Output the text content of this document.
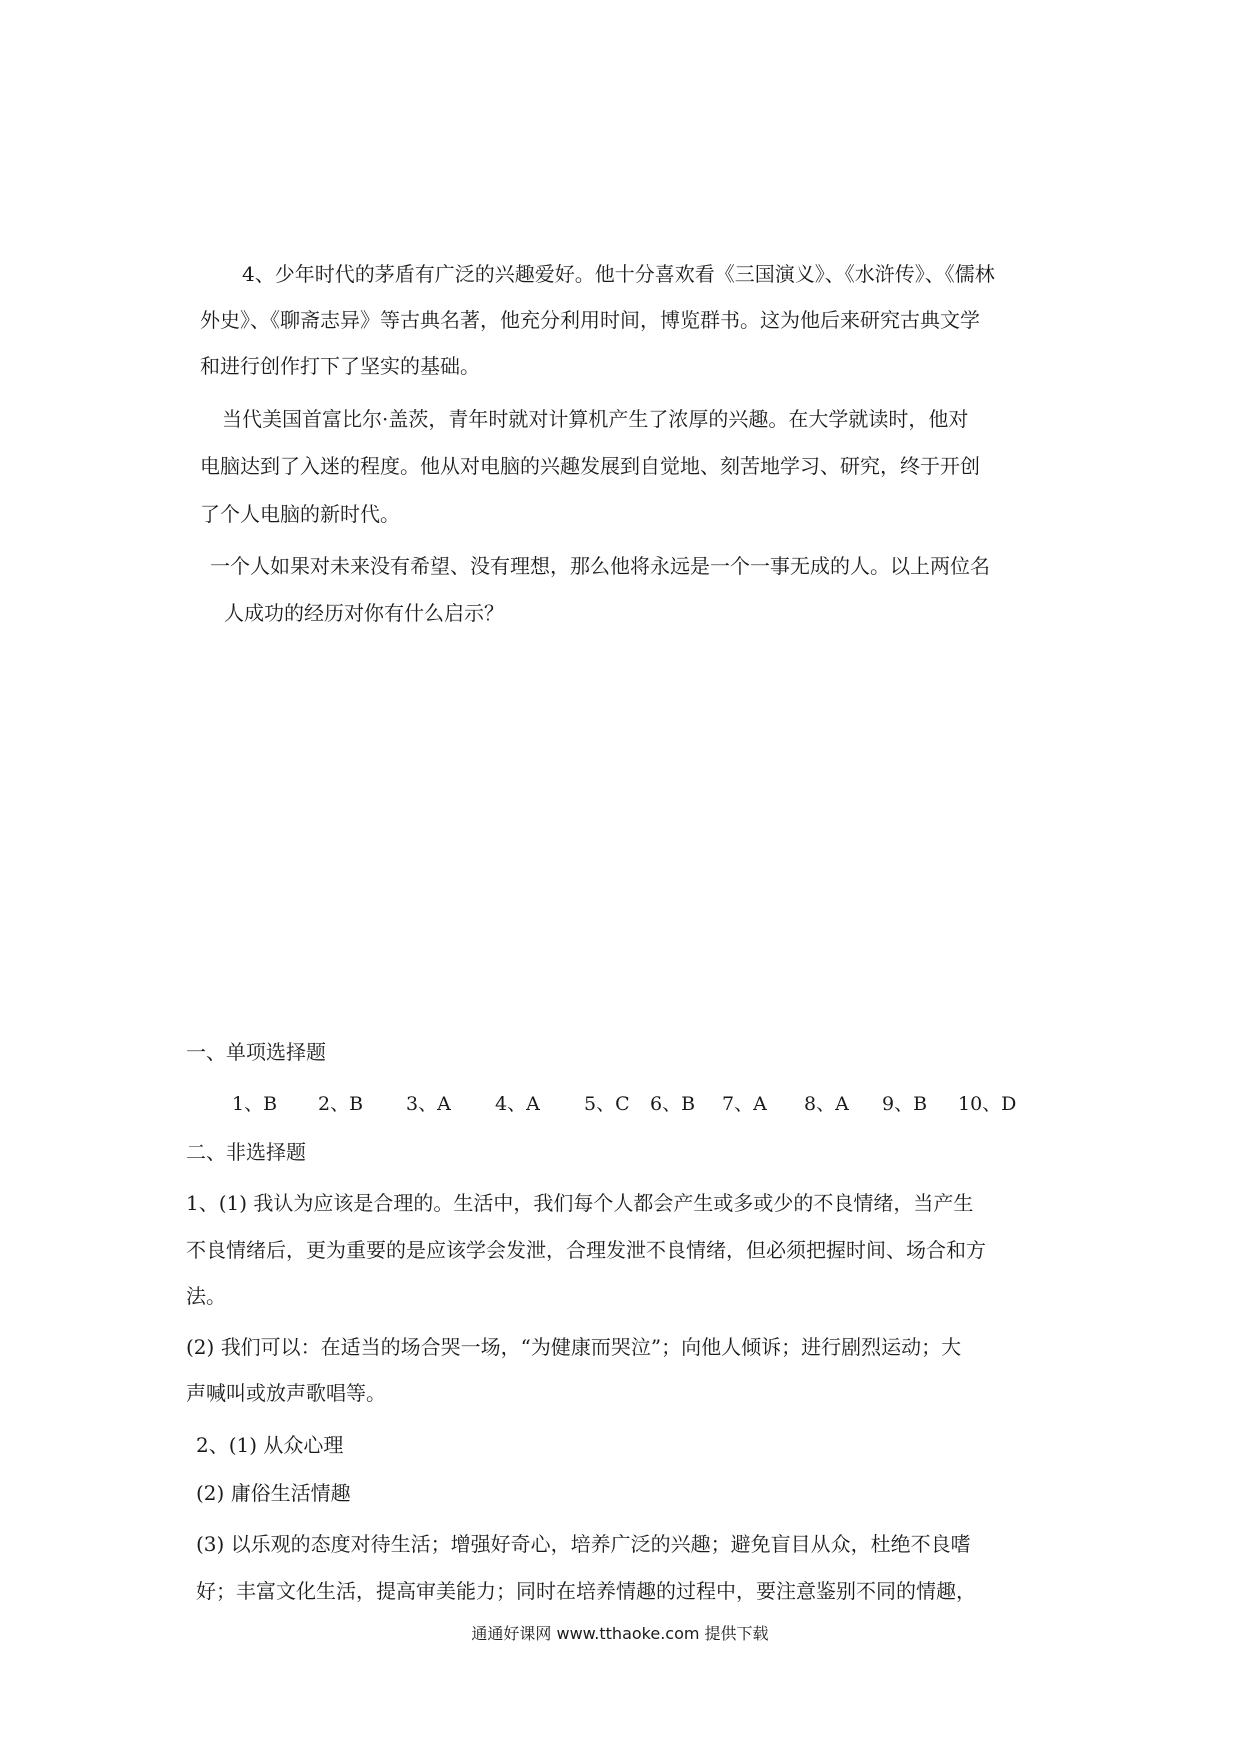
4、少年时代的茅盾有广泛的兴趣爱好。他十分喜欢看《三国演义》、《水浒传》、《儒林

外史》、《聊斋志异》等古典名著，他充分利用时间，博览群书。这为他后来研究古典文学

和进行创作打下了坚实的基础。

当代美国首富比尔·盖茨，青年时就对计算机产生了浓厚的兴趣。在大学就读时，他对

电脑达到了入迷的程度。他从对电脑的兴趣发展到自觉地、刻苦地学习、研究，终于开创

了个人电脑的新时代。

一个人如果对未来没有希望、没有理想，那么他将永远是一个一事无成的人。以上两位名

人成功的经历对你有什么启示？

一、单项选择题

1、B 2、B 3、A 4、A 5、C 6、B 7、A 8、A 9、B 10、D

二、非选择题

1、(1) 我认为应该是合理的。生活中，我们每个人都会产生或多或少的不良情绪，当产生

不良情绪后，更为重要的是应该学会发泄，合理发泄不良情绪，但必须把握时间、场合和方

法。

(2) 我们可以：在适当的场合哭一场，“为健康而哭泣”；向他人倾诉；进行剧烈运动；大

声喊叫或放声歌唱等。

2、(1) 从众心理

(2) 庸俗生活情趣

(3) 以乐观的态度对待生活；增强好奇心，培养广泛的兴趣；避免盲目从众，杜绝不良嗜

好；丰富文化生活，提高审美能力；同时在培养情趣的过程中，要注意鉴别不同的情趣，

通通好课网 www.tthaoke.com 提供下载
